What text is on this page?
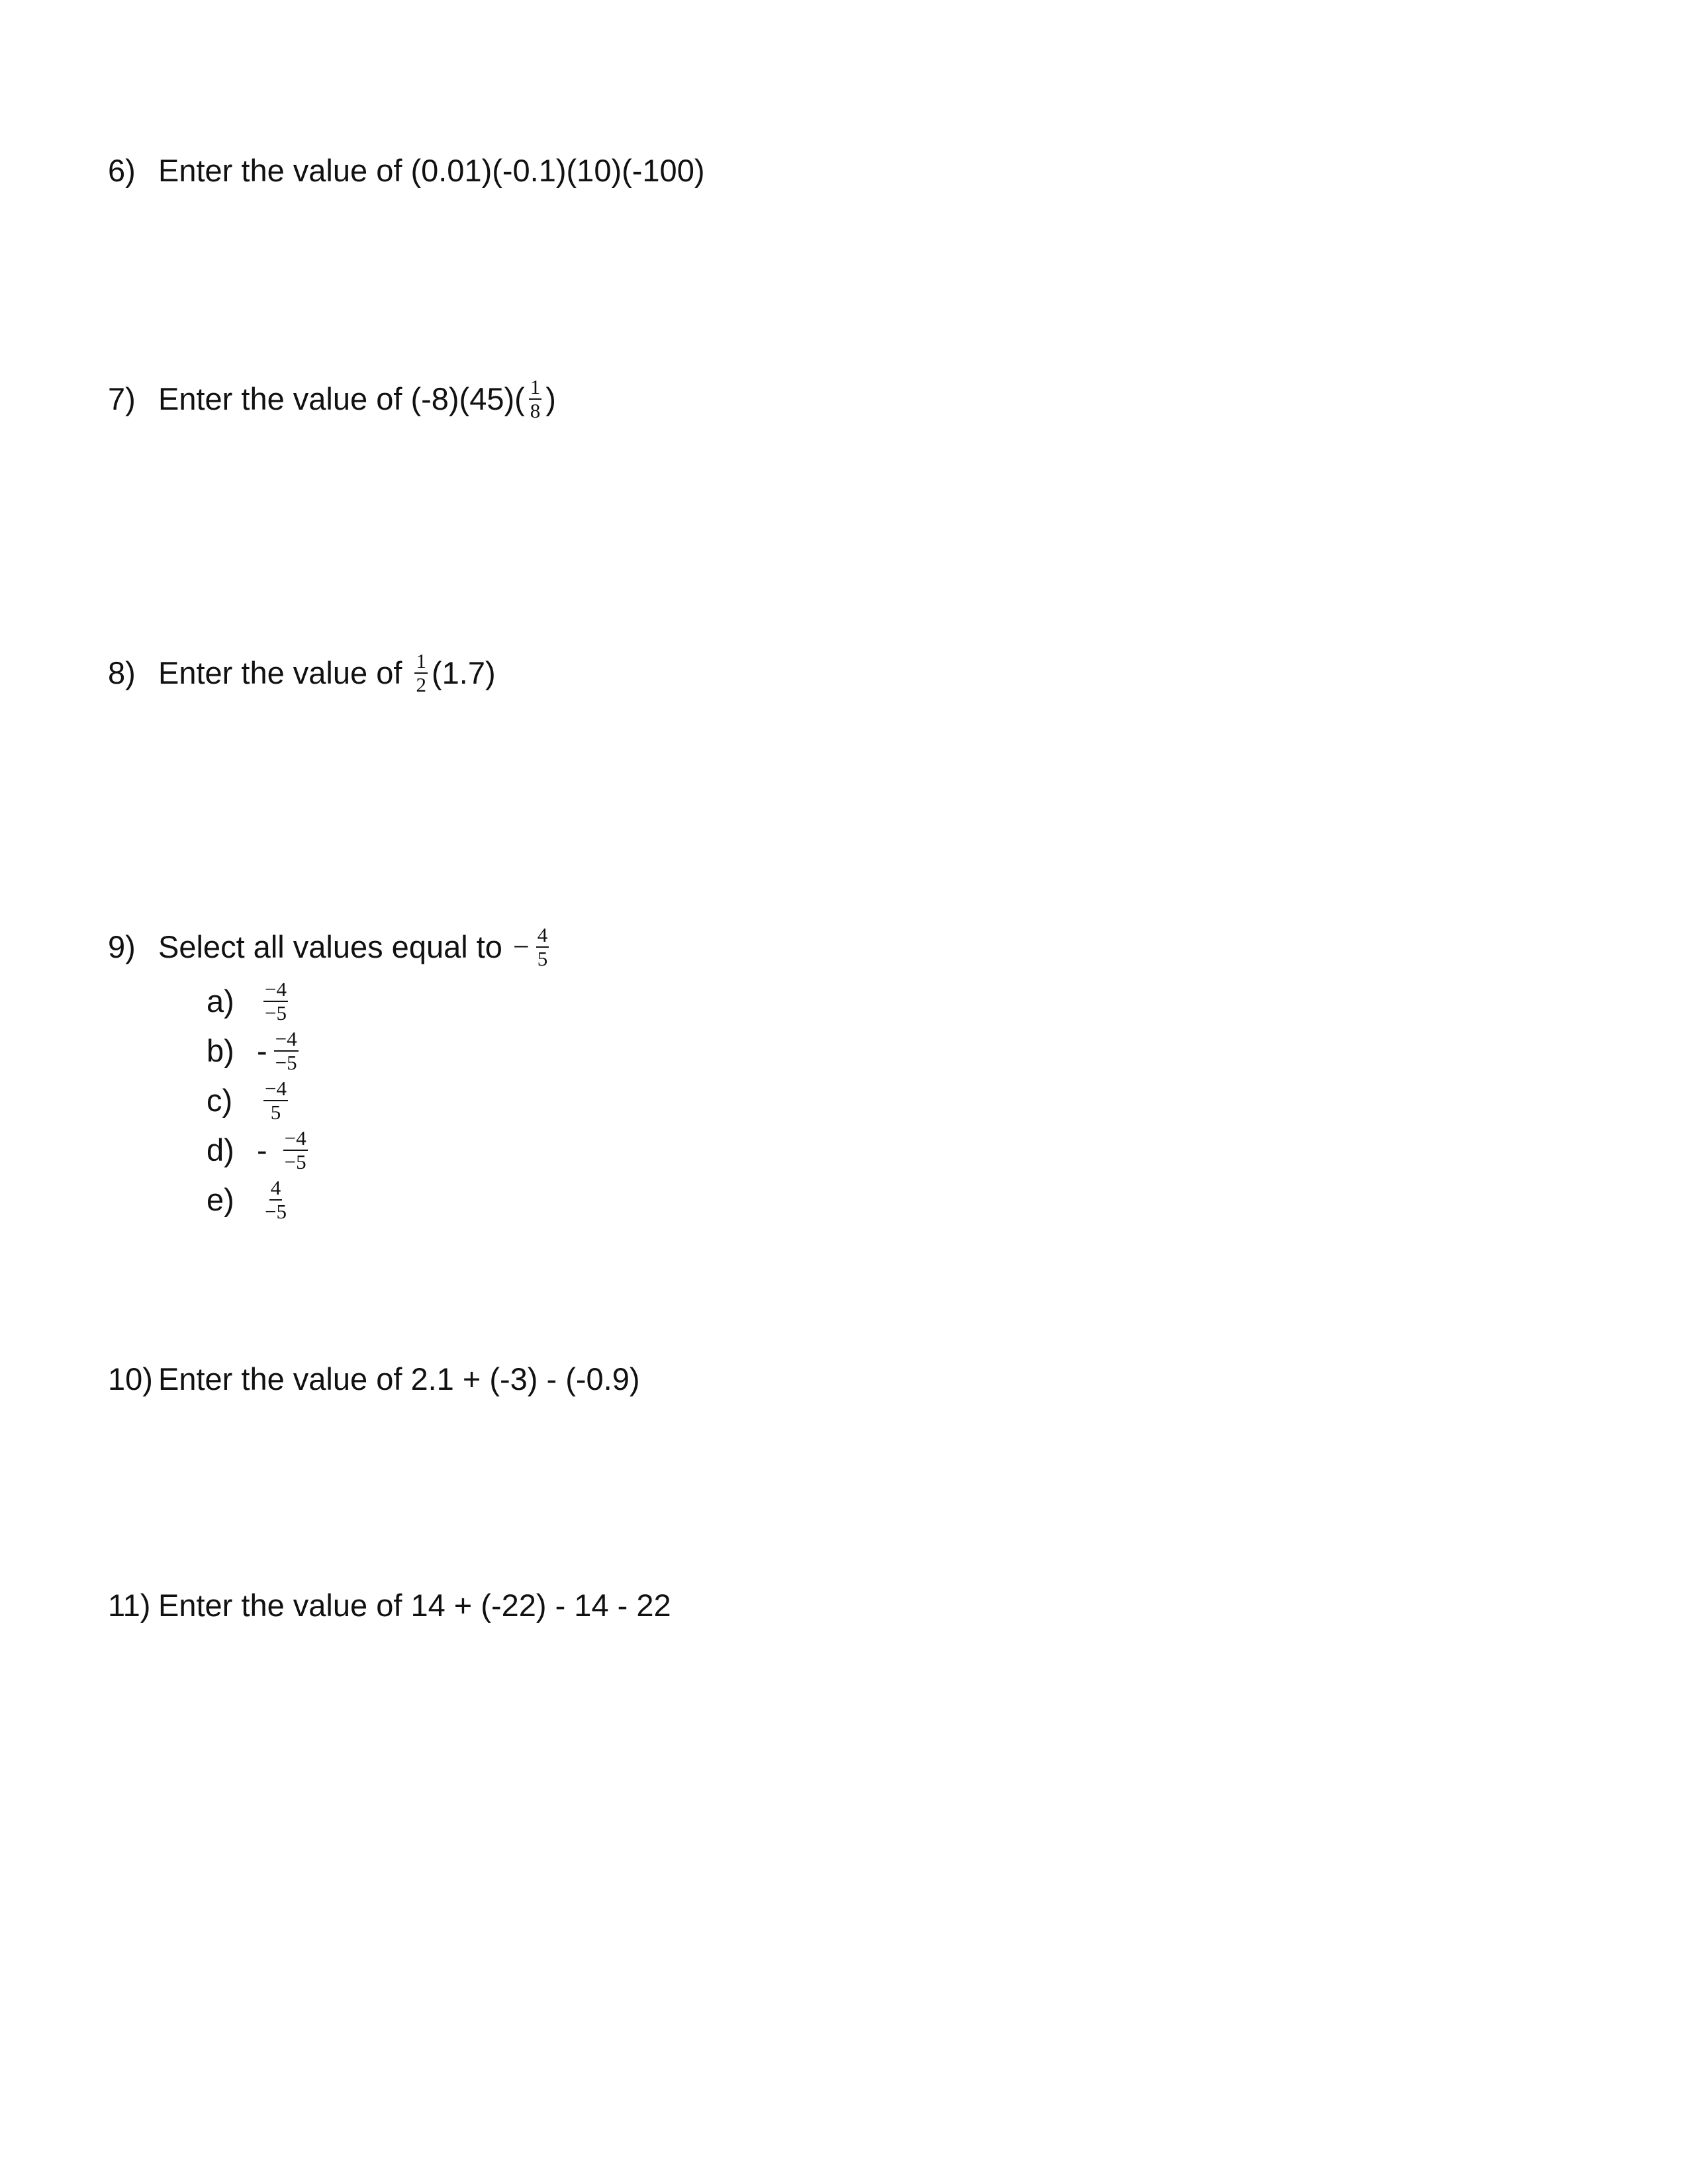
6) Enter the value of (0.01)(-0.1)(10)(-100)
7) Enter the value of $(-8)(45)( \frac{1}{8}$ )
8) Enter the value of $\frac{1}{2} (1.7)$
9) Select all values equal to − $\frac{4}{5}$
a)	$\frac{-4}{-5}$
$b) - \frac{-4}{-5}$
c)	$\frac{-4}{5}$
$d) - \frac{-4}{-5}$
e)	$\frac{4}{-5}$
10) Enter the value of 2.1 + (-3) - (-0.9)
11) Enter the value of 14 + (-22) - 14 - 22
